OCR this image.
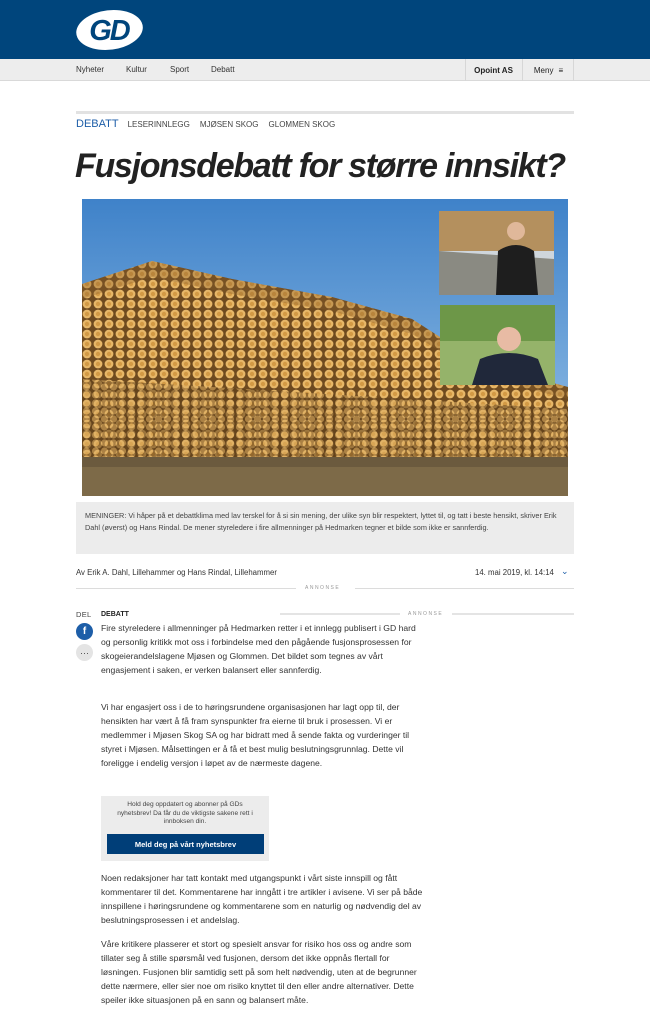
GD
Nyheter	Kultur	Sport	Debatt	Opoint AS	Meny ≡
DEBATT LESERINNLEGG MJØSEN SKOG GLOMMEN SKOG
Fusjonsdebatt for større innsikt?
MENINGER: Vi håper på et debattklima med lav terskel for å si sin mening, der ulike syn blir respektert, lyttet til, og tatt i beste hensikt, skriver Erik Dahl (øverst) og Hans Rindal. De mener styreledere i fire allmenninger på Hedmarken tegner et bilde som ikke er sannferdig.
Av Erik A. Dahl, Lillehammer og Hans Rindal, Lillehammer	14. mai 2019, kl. 14:14 ⌄
ANNONSE
DEL
f
···
DEBATT	ANNONSE

Fire styreledere i allmenninger på Hedmarken retter i et innlegg publisert i GD hard og personlig kritikk mot oss i forbindelse med den pågående fusjonsprosessen for skogeierandelslagene Mjøsen og Glommen. Det bildet som tegnes av vårt engasjement i saken, er verken balansert eller sannferdig.

Vi har engasjert oss i de to høringsrundene organisasjonen har lagt opp til, der hensikten har vært å få fram synspunkter fra eierne til bruk i prosessen. Vi er medlemmer i Mjøsen Skog SA og har bidratt med å sende fakta og vurderinger til styret i Mjøsen. Målsettingen er å få et best mulig beslutningsgrunnlag. Dette vil foreligge i endelig versjon i løpet av de nærmeste dagene.

Hold deg oppdatert og abonner på GDs nyhetsbrev! Da får du de viktigste sakene rett i innboksen din.
Meld deg på vårt nyhetsbrev

Noen redaksjoner har tatt kontakt med utgangspunkt i vårt siste innspill og fått kommentarer til det. Kommentarene har inngått i tre artikler i avisene. Vi ser på både innspillene i høringsrundene og kommentarene som en naturlig og nødvendig del av beslutningsprosessen i et andelslag.

Våre kritikere plasserer et stort og spesielt ansvar for risiko hos oss og andre som tillater seg å stille spørsmål ved fusjonen, dersom det ikke oppnås flertall for løsningen. Fusjonen blir samtidig sett på som helt nødvendig, uten at de begrunner dette nærmere, eller sier noe om risiko knyttet til den eller andre alternativer. Dette speiler ikke situasjonen på en sann og balansert måte.
